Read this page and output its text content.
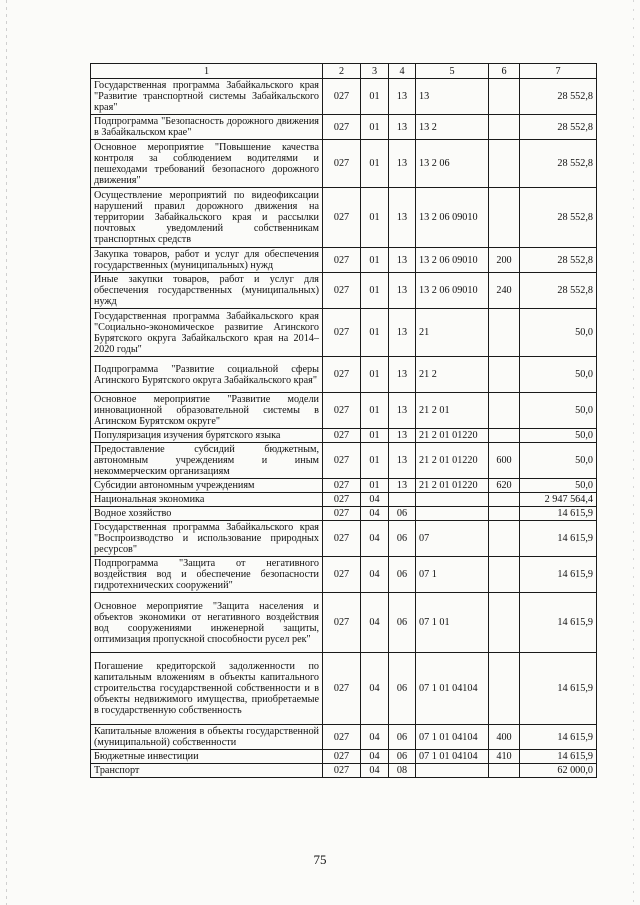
1	2	3	4	5	6	7
Государственная программа Забайкальского края "Развитие транспортной системы Забайкальского края"	027	01	13	13		28 552,8
Подпрограмма "Безопасность дорожного движения в Забайкальском крае"	027	01	13	13 2		28 552,8
Основное мероприятие "Повышение качества контроля за соблюдением водителями и пешеходами требований безопасного дорожного движения"	027	01	13	13 2 06		28 552,8
Осуществление мероприятий по видеофиксации нарушений правил дорожного движения на территории Забайкальского края и рассылки почтовых уведомлений собственникам транспортных средств	027	01	13	13 2 06 09010		28 552,8
Закупка товаров, работ и услуг для обеспечения государственных (муниципальных) нужд	027	01	13	13 2 06 09010	200	28 552,8
Иные закупки товаров, работ и услуг для обеспечения государственных (муниципальных) нужд	027	01	13	13 2 06 09010	240	28 552,8
Государственная программа Забайкальского края "Социально-экономическое развитие Агинского Бурятского округа Забайкальского края на 2014–2020 годы"	027	01	13	21		50,0
Подпрограмма "Развитие социальной сферы Агинского Бурятского округа Забайкальского края"	027	01	13	21 2		50,0
Основное мероприятие "Развитие модели инновационной образовательной системы в Агинском Бурятском округе"	027	01	13	21 2 01		50,0
Популяризация изучения бурятского языка	027	01	13	21 2 01 01220		50,0
Предоставление субсидий бюджетным, автономным учреждениям и иным некоммерческим организациям	027	01	13	21 2 01 01220	600	50,0
Субсидии автономным учреждениям	027	01	13	21 2 01 01220	620	50,0
Национальная экономика	027	04				2 947 564,4
Водное хозяйство	027	04	06			14 615,9
Государственная программа Забайкальского края "Воспроизводство и использование природных ресурсов"	027	04	06	07		14 615,9
Подпрограмма "Защита от негативного воздействия вод и обеспечение безопасности гидротехнических сооружений"	027	04	06	07 1		14 615,9
Основное мероприятие "Защита населения и объектов экономики от негативного воздействия вод сооружениями инженерной защиты, оптимизация пропускной способности русел рек"	027	04	06	07 1 01		14 615,9
Погашение кредиторской задолженности по капитальным вложениям в объекты капитального строительства государственной собственности и в объекты недвижимого имущества, приобретаемые в государственную собственность	027	04	06	07 1 01 04104		14 615,9
Капитальные вложения в объекты государственной (муниципальной) собственности	027	04	06	07 1 01 04104	400	14 615,9
Бюджетные инвестиции	027	04	06	07 1 01 04104	410	14 615,9
Транспорт	027	04	08			62 000,0
75
